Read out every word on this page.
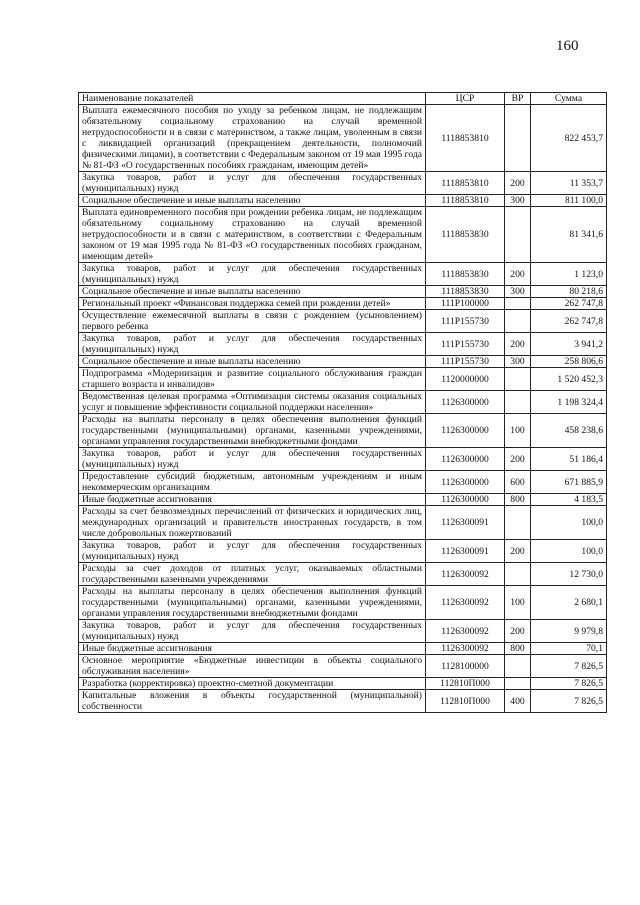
160
Наименование показателей	ЦСР	ВР	Сумма
Выплата ежемесячного пособия по уходу за ребенком лицам, не подлежащим обязательному социальному страхованию на случай временной нетрудоспособности и в связи с материнством, а также лицам, уволенным в связи с ликвидацией организаций (прекращением деятельности, полномочий физическими лицами), в соответствии с Федеральным законом от 19 мая 1995 года № 81-ФЗ «О государственных пособиях гражданам, имеющим детей»	1118853810		822 453,7
Закупка товаров, работ и услуг для обеспечения государственных (муниципальных) нужд	1118853810	200	11 353,7
Социальное обеспечение и иные выплаты населению	1118853810	300	811 100,0
Выплата единовременного пособия при рождении ребенка лицам, не подлежащим обязательному социальному страхованию на случай временной нетрудоспособности и в связи с материнством, в соответствии с Федеральным законом от 19 мая 1995 года № 81-ФЗ «О государственных пособиях гражданам, имеющим детей»	1118853830		81 341,6
Закупка товаров, работ и услуг для обеспечения государственных (муниципальных) нужд	1118853830	200	1 123,0
Социальное обеспечение и иные выплаты населению	1118853830	300	80 218,6
Региональный проект «Финансовая поддержка семей при рождении детей»	111P100000		262 747,8
Осуществление ежемесячной выплаты в связи с рождением (усыновлением) первого ребенка	111P155730		262 747,8
Закупка товаров, работ и услуг для обеспечения государственных (муниципальных) нужд	111P155730	200	3 941,2
Социальное обеспечение и иные выплаты населению	111P155730	300	258 806,6
Подпрограмма «Модернизация и развитие социального обслуживания граждан старшего возраста и инвалидов»	1120000000		1 520 452,3
Ведомственная целевая программа «Оптимизация системы оказания социальных услуг и повышение эффективности социальной поддержки населения»	1126300000		1 198 324,4
Расходы на выплаты персоналу в целях обеспечения выполнения функций государственными (муниципальными) органами, казенными учреждениями, органами управления государственными внебюджетными фондами	1126300000	100	458 238,6
Закупка товаров, работ и услуг для обеспечения государственных (муниципальных) нужд	1126300000	200	51 186,4
Предоставление субсидий бюджетным, автономным учреждениям и иным некоммерческим организациям	1126300000	600	671 885,9
Иные бюджетные ассигнования	1126300000	800	4 183,5
Расходы за счет безвозмездных перечислений от физических и юридических лиц, международных организаций и правительств иностранных государств, в том числе добровольных пожертвований	1126300091		100,0
Закупка товаров, работ и услуг для обеспечения государственных (муниципальных) нужд	1126300091	200	100,0
Расходы за счет доходов от платных услуг, оказываемых областными государственными казенными учреждениями	1126300092		12 730,0
Расходы на выплаты персоналу в целях обеспечения выполнения функций государственными (муниципальными) органами, казенными учреждениями, органами управления государственными внебюджетными фондами	1126300092	100	2 680,1
Закупка товаров, работ и услуг для обеспечения государственных (муниципальных) нужд	1126300092	200	9 979,8
Иные бюджетные ассигнования	1126300092	800	70,1
Основное мероприятие «Бюджетные инвестиции в объекты социального обслуживания населения»	1128100000		7 826,5
Разработка (корректировка) проектно-сметной документации	112810П000		7 826,5
Капитальные вложения в объекты государственной (муниципальной) собственности	112810П000	400	7 826,5
